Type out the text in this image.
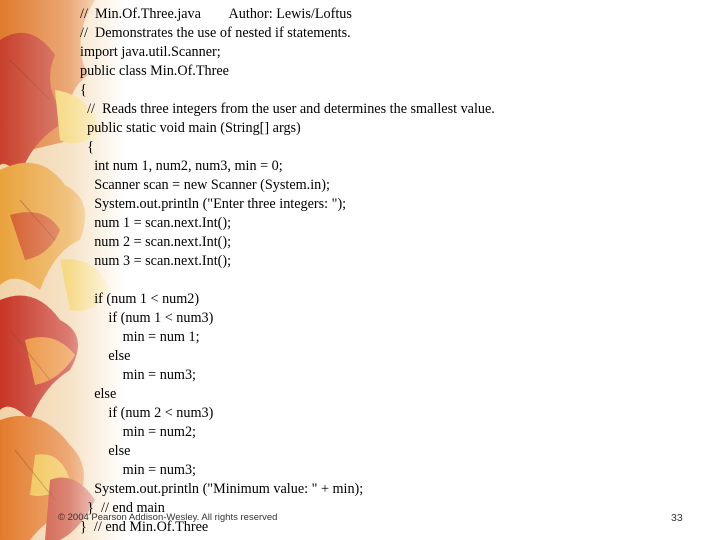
//  Min.Of.Three.java        Author: Lewis/Loftus
//  Demonstrates the use of nested if statements.
import java.util.Scanner;
public class Min.Of.Three
{
//  Reads three integers from the user and determines the smallest value.
public static void main (String[] args)
{
int num 1, num2, num3, min = 0;
Scanner scan = new Scanner (System.in);
System.out.println ("Enter three integers: ");
num 1 = scan.next.Int();
num 2 = scan.next.Int();
num 3 = scan.next.Int();
if (num 1 < num2)
if (num 1 < num3)
min = num 1;
else
min = num3;
else
if (num 2 < num3)
min = num2;
else
min = num3;
System.out.println ("Minimum value: " + min);
}  // end main
}  // end Min.Of.Three
© 2004 Pearson Addison-Wesley. All rights reserved	33
